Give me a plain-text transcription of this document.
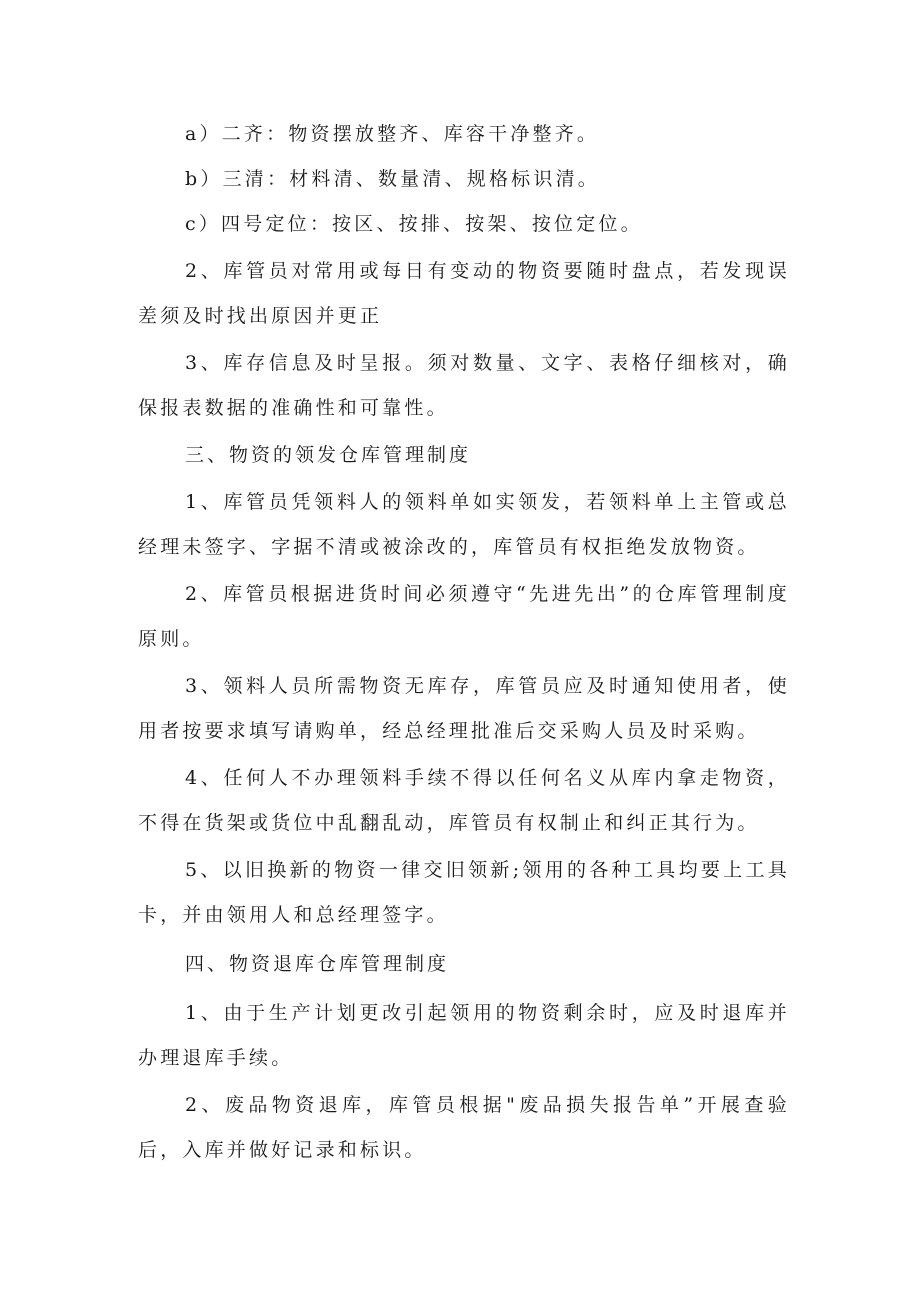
a）二齐：物资摆放整齐、库容干净整齐。

b）三清：材料清、数量清、规格标识清。

c）四号定位：按区、按排、按架、按位定位。

2、库管员对常用或每日有变动的物资要随时盘点，若发现误差须及时找出原因并更正

3、库存信息及时呈报。须对数量、文字、表格仔细核对，确保报表数据的准确性和可靠性。

三、物资的领发仓库管理制度

1、库管员凭领料人的领料单如实领发，若领料单上主管或总经理未签字、字据不清或被涂改的，库管员有权拒绝发放物资。

2、库管员根据进货时间必须遵守“先进先出”的仓库管理制度原则。

3、领料人员所需物资无库存，库管员应及时通知使用者，使用者按要求填写请购单，经总经理批准后交采购人员及时采购。

4、任何人不办理领料手续不得以任何名义从库内拿走物资，不得在货架或货位中乱翻乱动，库管员有权制止和纠正其行为。

5、以旧换新的物资一律交旧领新;领用的各种工具均要上工具卡，并由领用人和总经理签字。

四、物资退库仓库管理制度

1、由于生产计划更改引起领用的物资剩余时，应及时退库并办理退库手续。

2、废品物资退库，库管员根据"废品损失报告单”开展查验后，入库并做好记录和标识。
